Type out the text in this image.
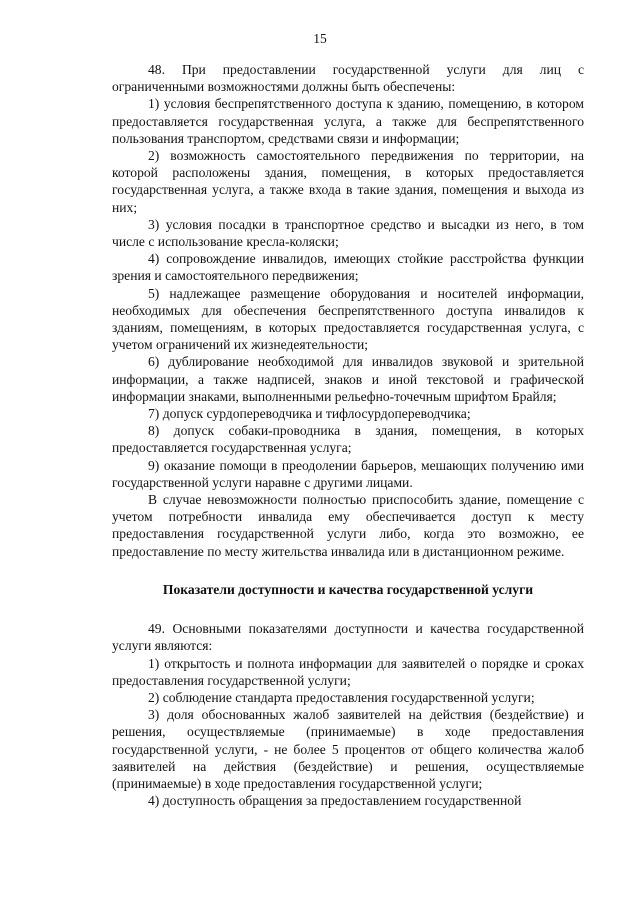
15

48. При предоставлении государственной услуги для лиц с ограниченными возможностями должны быть обеспечены:

1) условия беспрепятственного доступа к зданию, помещению, в котором предоставляется государственная услуга, а также для беспрепятственного пользования транспортом, средствами связи и информации;

2) возможность самостоятельного передвижения по территории, на которой расположены здания, помещения, в которых предоставляется государственная услуга, а также входа в такие здания, помещения и выхода из них;

3) условия посадки в транспортное средство и высадки из него, в том числе с использование кресла-коляски;

4) сопровождение инвалидов, имеющих стойкие расстройства функции зрения и самостоятельного передвижения;

5) надлежащее размещение оборудования и носителей информации, необходимых для обеспечения беспрепятственного доступа инвалидов к зданиям, помещениям, в которых предоставляется государственная услуга, с учетом ограничений их жизнедеятельности;

6) дублирование необходимой для инвалидов звуковой и зрительной информации, а также надписей, знаков и иной текстовой и графической информации знаками, выполненными рельефно-точечным шрифтом Брайля;

7) допуск сурдопереводчика и тифлосурдопереводчика;

8) допуск собаки-проводника в здания, помещения, в которых предоставляется государственная услуга;

9) оказание помощи в преодолении барьеров, мешающих получению ими государственной услуги наравне с другими лицами.

В случае невозможности полностью приспособить здание, помещение с учетом потребности инвалида ему обеспечивается доступ к месту предоставления государственной услуги либо, когда это возможно, ее предоставление по месту жительства инвалида или в дистанционном режиме.

Показатели доступности и качества государственной услуги

49. Основными показателями доступности и качества государственной услуги являются:

1) открытость и полнота информации для заявителей о порядке и сроках предоставления государственной услуги;

2) соблюдение стандарта предоставления государственной услуги;

3) доля обоснованных жалоб заявителей на действия (бездействие) и решения, осуществляемые (принимаемые) в ходе предоставления государственной услуги, - не более 5 процентов от общего количества жалоб заявителей на действия (бездействие) и решения, осуществляемые (принимаемые) в ходе предоставления государственной услуги;

4) доступность обращения за предоставлением государственной
